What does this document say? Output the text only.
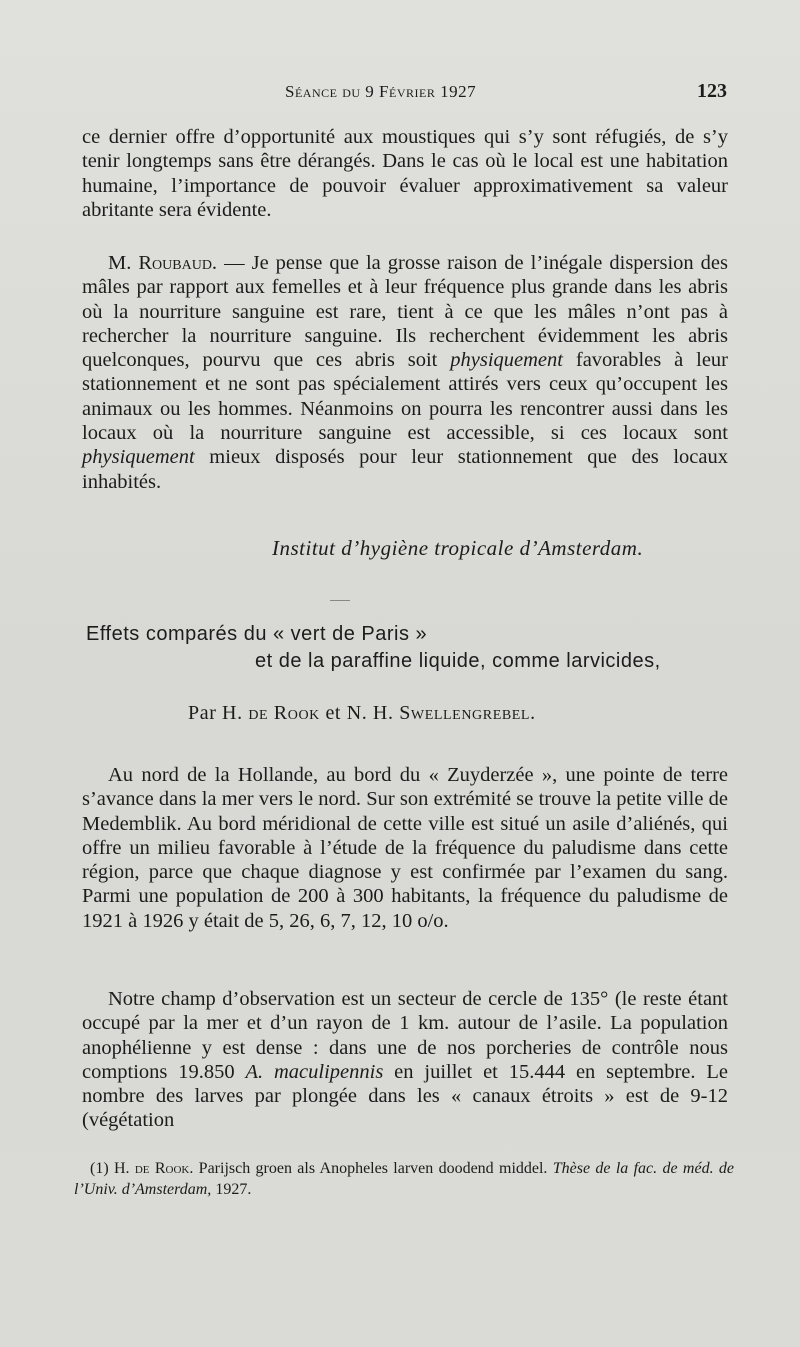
Séance du 9 Février 1927	123

ce dernier offre d’opportunité aux moustiques qui s’y sont réfugiés, de s’y tenir longtemps sans être dérangés. Dans le cas où le local est une habitation humaine, l’importance de pouvoir évaluer approximativement sa valeur abritante sera évidente.

M. Roubaud. — Je pense que la grosse raison de l’inégale dispersion des mâles par rapport aux femelles et à leur fréquence plus grande dans les abris où la nourriture sanguine est rare, tient à ce que les mâles n’ont pas à rechercher la nourriture sanguine. Ils recherchent évidemment les abris quelconques, pourvu que ces abris soit physiquement favorables à leur stationnement et ne sont pas spécialement attirés vers ceux qu’occupent les animaux ou les hommes. Néanmoins on pourra les rencontrer aussi dans les locaux où la nourriture sanguine est accessible, si ces locaux sont physiquement mieux disposés pour leur stationnement que des locaux inhabités.

Institut d’hygiène tropicale d’Amsterdam.
Effets comparés du « vert de Paris »
et de la paraffine liquide, comme larvicides,
Par H. de Rook et N. H. Swellengrebel.

Au nord de la Hollande, au bord du « Zuyderzée », une pointe de terre s’avance dans la mer vers le nord. Sur son extrémité se trouve la petite ville de Medemblik. Au bord méridional de cette ville est situé un asile d’aliénés, qui offre un milieu favorable à l’étude de la fréquence du paludisme dans cette région, parce que chaque diagnose y est confirmée par l’examen du sang. Parmi une population de 200 à 300 habitants, la fréquence du paludisme de 1921 à 1926 y était de 5, 26, 6, 7, 12, 10 o/o.

Notre champ d’observation est un secteur de cercle de 135° (le reste étant occupé par la mer et d’un rayon de 1 km. autour de l’asile. La population anophélienne y est dense : dans une de nos porcheries de contrôle nous comptions 19.850 A. maculipennis en juillet et 15.444 en septembre. Le nombre des larves par plongée dans les « canaux étroits » est de 9-12 (végétation

(1) H. de Rook. Parijsch groen als Anopheles larven doodend middel. Thèse de la fac. de méd. de l’Univ. d’Amsterdam, 1927.
